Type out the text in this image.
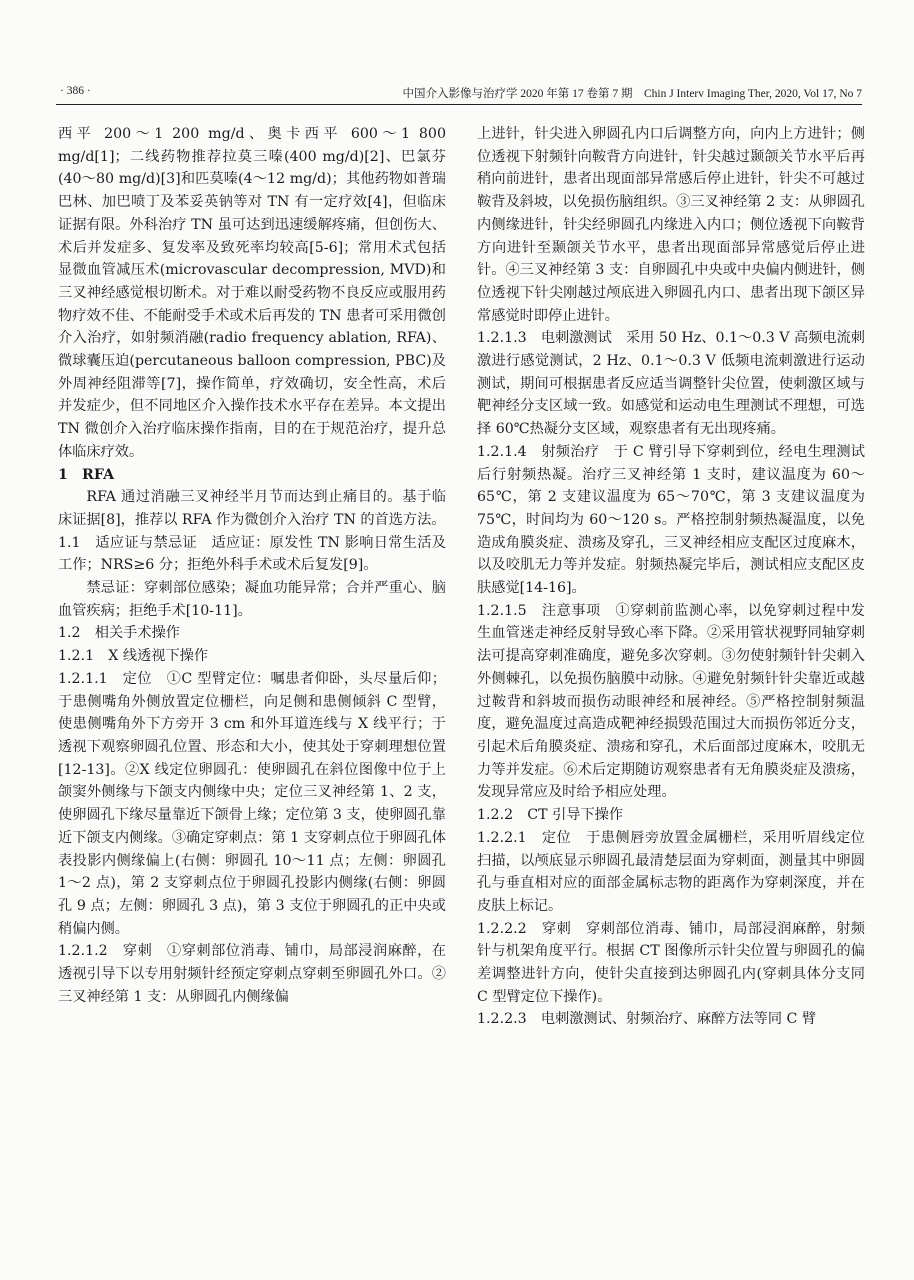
· 386 ·	中国介入影像与治疗学 2020 年第 17 卷第 7 期　Chin J Interv Imaging Ther, 2020, Vol 17, No 7

西平 200～1 200 mg/d、奥卡西平 600～1 800 mg/d[1]；二线药物推荐拉莫三嗪(400 mg/d)[2]、巴氯芬(40～80 mg/d)[3]和匹莫嗪(4～12 mg/d)；其他药物如普瑞巴林、加巴喷丁及苯妥英钠等对 TN 有一定疗效[4]，但临床证据有限。外科治疗 TN 虽可达到迅速缓解疼痛，但创伤大、术后并发症多、复发率及致死率均较高[5-6]；常用术式包括显微血管减压术(microvascular decompression, MVD)和三叉神经感觉根切断术。对于难以耐受药物不良反应或服用药物疗效不佳、不能耐受手术或术后再发的 TN 患者可采用微创介入治疗，如射频消融(radio frequency ablation, RFA)、微球囊压迫(percutaneous balloon compression, PBC)及外周神经阻滞等[7]，操作简单，疗效确切，安全性高，术后并发症少，但不同地区介入操作技术水平存在差异。本文提出 TN 微创介入治疗临床操作指南，目的在于规范治疗，提升总体临床疗效。

1　RFA

RFA 通过消融三叉神经半月节而达到止痛目的。基于临床证据[8]，推荐以 RFA 作为微创介入治疗 TN 的首选方法。

1.1　适应证与禁忌证　适应证：原发性 TN 影响日常生活及工作；NRS≥6 分；拒绝外科手术或术后复发[9]。

禁忌证：穿刺部位感染；凝血功能异常；合并严重心、脑血管疾病；拒绝手术[10-11]。

1.2　相关手术操作

1.2.1　X 线透视下操作

1.2.1.1　定位　①C 型臂定位：嘱患者仰卧，头尽量后仰；于患侧嘴角外侧放置定位栅栏，向足侧和患侧倾斜 C 型臂，使患侧嘴角外下方旁开 3 cm 和外耳道连线与 X 线平行；于透视下观察卵圆孔位置、形态和大小，使其处于穿刺理想位置[12-13]。②X 线定位卵圆孔：使卵圆孔在斜位图像中位于上颌窦外侧缘与下颌支内侧缘中央；定位三叉神经第 1、2 支，使卵圆孔下缘尽量靠近下颌骨上缘；定位第 3 支，使卵圆孔靠近下颌支内侧缘。③确定穿刺点：第 1 支穿刺点位于卵圆孔体表投影内侧缘偏上(右侧：卵圆孔 10～11 点；左侧：卵圆孔 1～2 点)，第 2 支穿刺点位于卵圆孔投影内侧缘(右侧：卵圆孔 9 点；左侧：卵圆孔 3 点)，第 3 支位于卵圆孔的正中央或稍偏内侧。

1.2.1.2　穿刺　①穿刺部位消毒、铺巾，局部浸润麻醉，在透视引导下以专用射频针经预定穿刺点穿刺至卵圆孔外口。②三叉神经第 1 支：从卵圆孔内侧缘偏

上进针，针尖进入卵圆孔内口后调整方向，向内上方进针；侧位透视下射频针向鞍背方向进针，针尖越过颞颌关节水平后再稍向前进针，患者出现面部异常感后停止进针，针尖不可越过鞍背及斜坡，以免损伤脑组织。③三叉神经第 2 支：从卵圆孔内侧缘进针，针尖经卵圆孔内缘进入内口；侧位透视下向鞍背方向进针至颞颌关节水平，患者出现面部异常感觉后停止进针。④三叉神经第 3 支：自卵圆孔中央或中央偏内侧进针，侧位透视下针尖刚越过颅底进入卵圆孔内口、患者出现下颌区异常感觉时即停止进针。

1.2.1.3　电刺激测试　采用 50 Hz、0.1～0.3 V 高频电流刺激进行感觉测试，2 Hz、0.1～0.3 V 低频电流刺激进行运动测试，期间可根据患者反应适当调整针尖位置，使刺激区域与靶神经分支区域一致。如感觉和运动电生理测试不理想，可选择 60℃热凝分支区域，观察患者有无出现疼痛。

1.2.1.4　射频治疗　于 C 臂引导下穿刺到位，经电生理测试后行射频热凝。治疗三叉神经第 1 支时，建议温度为 60～65℃，第 2 支建议温度为 65～70℃，第 3 支建议温度为 75℃，时间均为 60～120 s。严格控制射频热凝温度，以免造成角膜炎症、溃疡及穿孔，三叉神经相应支配区过度麻木，以及咬肌无力等并发症。射频热凝完毕后，测试相应支配区皮肤感觉[14-16]。

1.2.1.5　注意事项　①穿刺前监测心率，以免穿刺过程中发生血管迷走神经反射导致心率下降。②采用管状视野同轴穿刺法可提高穿刺准确度，避免多次穿刺。③勿使射频针针尖刺入外侧棘孔，以免损伤脑膜中动脉。④避免射频针针尖靠近或越过鞍背和斜坡而损伤动眼神经和展神经。⑤严格控制射频温度，避免温度过高造成靶神经损毁范围过大而损伤邻近分支，引起术后角膜炎症、溃疡和穿孔，术后面部过度麻木，咬肌无力等并发症。⑥术后定期随访观察患者有无角膜炎症及溃疡，发现异常应及时给予相应处理。

1.2.2　CT 引导下操作

1.2.2.1　定位　于患侧唇旁放置金属栅栏，采用听眉线定位扫描，以颅底显示卵圆孔最清楚层面为穿刺面，测量其中卵圆孔与垂直相对应的面部金属标志物的距离作为穿刺深度，并在皮肤上标记。

1.2.2.2　穿刺　穿刺部位消毒、铺巾，局部浸润麻醉，射频针与机架角度平行。根据 CT 图像所示针尖位置与卵圆孔的偏差调整进针方向，使针尖直接到达卵圆孔内(穿刺具体分支同 C 型臂定位下操作)。

1.2.2.3　电刺激测试、射频治疗、麻醉方法等同 C 臂
